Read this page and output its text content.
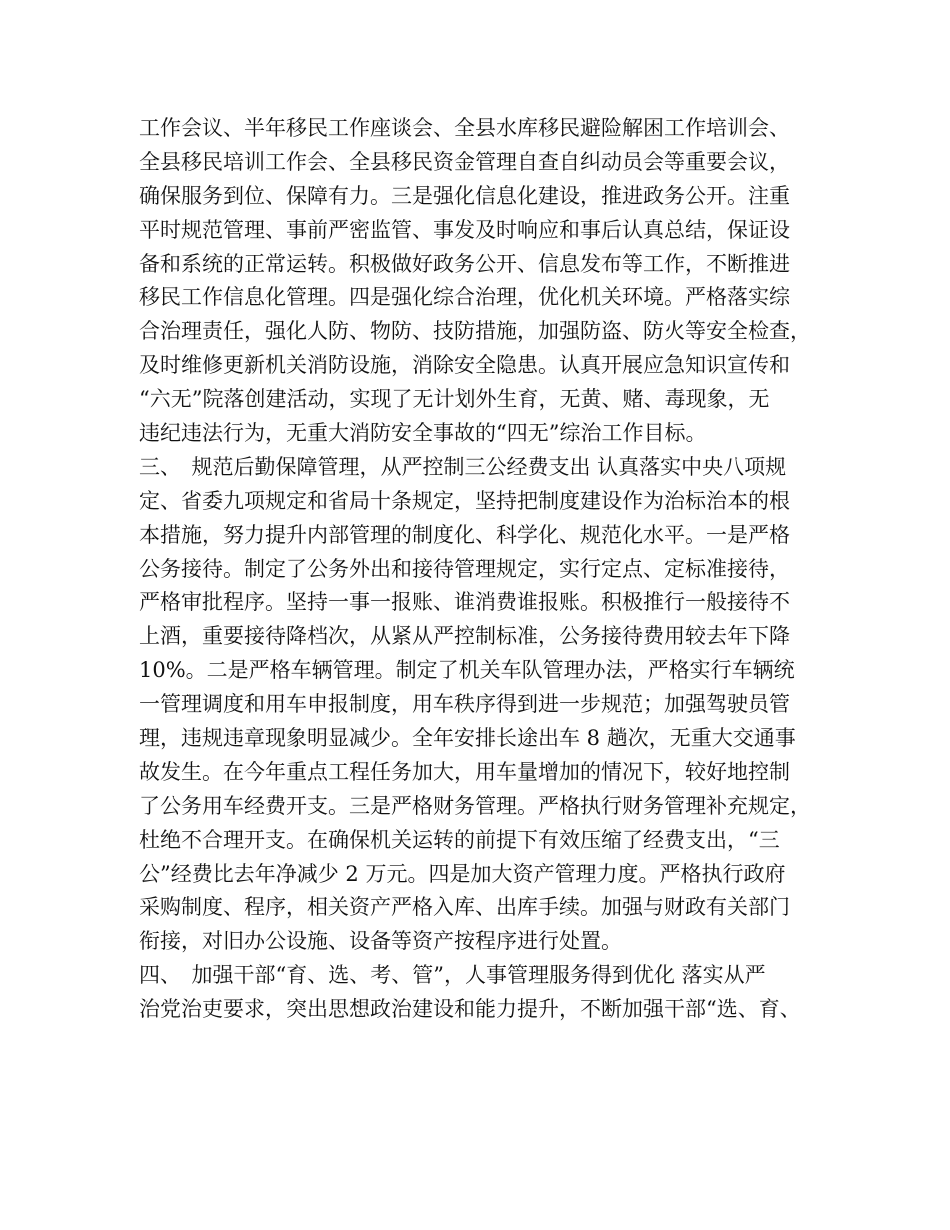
工作会议、半年移民工作座谈会、全县水库移民避险解困工作培训会、
全县移民培训工作会、全县移民资金管理自查自纠动员会等重要会议，
确保服务到位、保障有力。三是强化信息化建设，推进政务公开。注重
平时规范管理、事前严密监管、事发及时响应和事后认真总结，保证设
备和系统的正常运转。积极做好政务公开、信息发布等工作，不断推进
移民工作信息化管理。四是强化综合治理，优化机关环境。严格落实综
合治理责任，强化人防、物防、技防措施，加强防盗、防火等安全检查，
及时维修更新机关消防设施，消除安全隐患。认真开展应急知识宣传和
“六无”院落创建活动，实现了无计划外生育，无黄、赌、毒现象，无
违纪违法行为，无重大消防安全事故的“四无”综治工作目标。
三、　规范后勤保障管理，从严控制三公经费支出 认真落实中央八项规
定、省委九项规定和省局十条规定，坚持把制度建设作为治标治本的根
本措施，努力提升内部管理的制度化、科学化、规范化水平。一是严格
公务接待。制定了公务外出和接待管理规定，实行定点、定标准接待，
严格审批程序。坚持一事一报账、谁消费谁报账。积极推行一般接待不
上酒，重要接待降档次，从紧从严控制标准，公务接待费用较去年下降
10%。二是严格车辆管理。制定了机关车队管理办法，严格实行车辆统
一管理调度和用车申报制度，用车秩序得到进一步规范；加强驾驶员管
理，违规违章现象明显减少。全年安排长途出车 8 趟次，无重大交通事
故发生。在今年重点工程任务加大，用车量增加的情况下，较好地控制
了公务用车经费开支。三是严格财务管理。严格执行财务管理补充规定，
杜绝不合理开支。在确保机关运转的前提下有效压缩了经费支出，“三
公”经费比去年净减少 2 万元。四是加大资产管理力度。严格执行政府
采购制度、程序，相关资产严格入库、出库手续。加强与财政有关部门
衔接，对旧办公设施、设备等资产按程序进行处置。
四、　加强干部“育、选、考、管”，人事管理服务得到优化 落实从严
治党治吏要求，突出思想政治建设和能力提升，不断加强干部“选、育、
